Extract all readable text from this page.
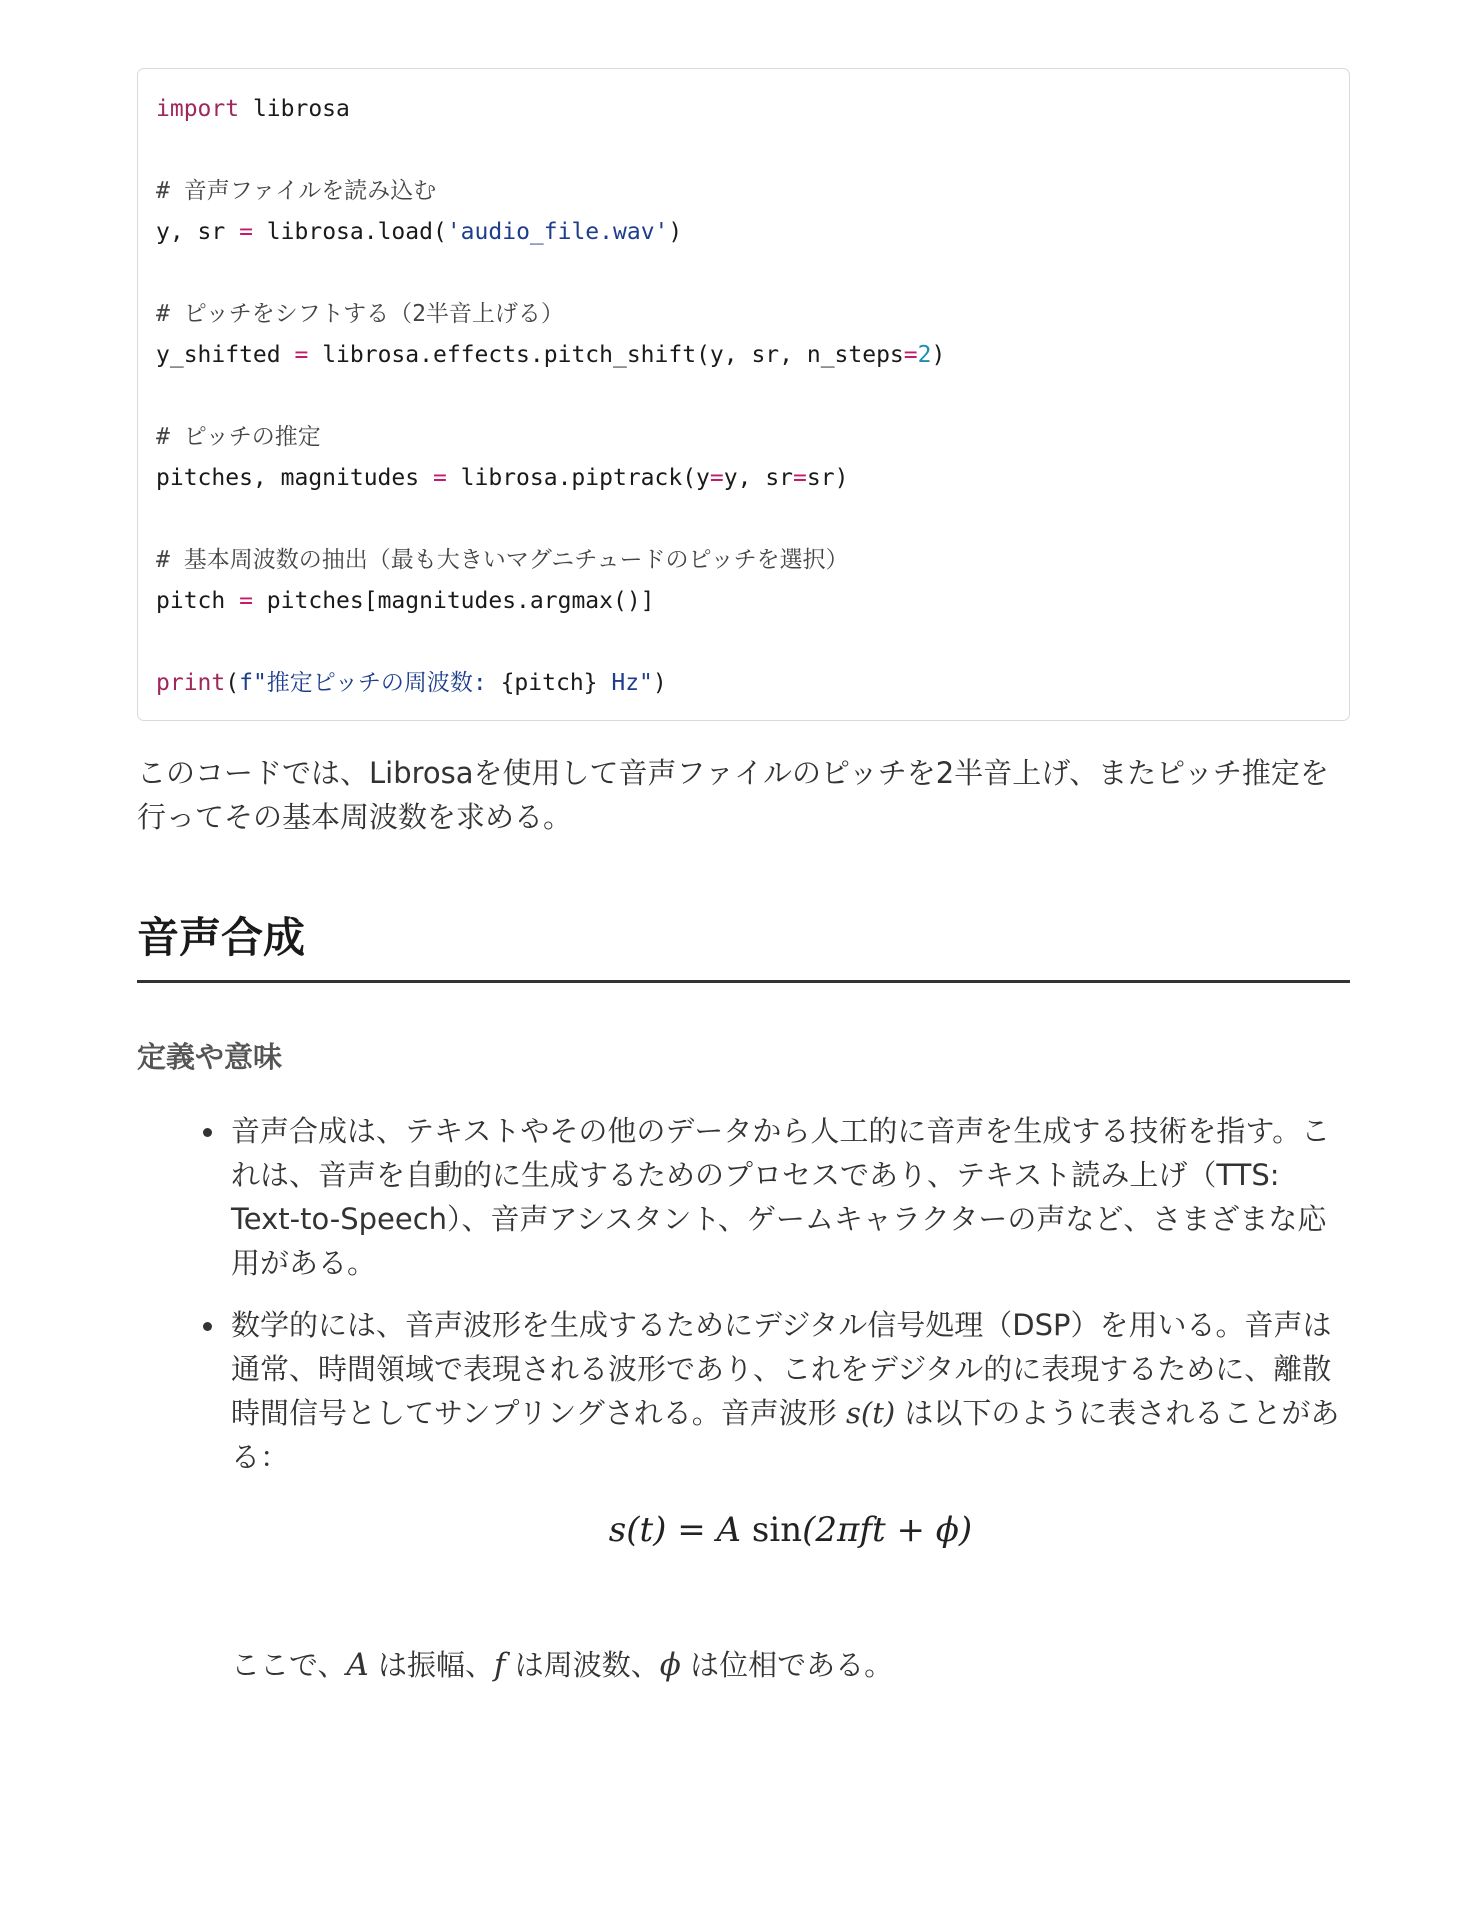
import librosa
# 音声ファイルを読み込む
y, sr = librosa.load('audio_file.wav')
# ピッチをシフトする（2半音上げる）
y_shifted = librosa.effects.pitch_shift(y, sr, n_steps=2)
# ピッチの推定
pitches, magnitudes = librosa.piptrack(y=y, sr=sr)
# 基本周波数の抽出（最も大きいマグニチュードのピッチを選択）
pitch = pitches[magnitudes.argmax()]
print(f"推定ピッチの周波数: {pitch} Hz")

このコードでは、Librosaを使用して音声ファイルのピッチを2半音上げ、またピッチ推定を行ってその基本周波数を求める。

音声合成
定義や意味
音声合成は、テキストやその他のデータから人工的に音声を生成する技術を指す。これは、音声を自動的に生成するためのプロセスであり、テキスト読み上げ（TTS: Text-to-Speech）、音声アシスタント、ゲームキャラクターの声など、さまざまな応用がある。
数学的には、音声波形を生成するためにデジタル信号処理（DSP）を用いる。音声は通常、時間領域で表現される波形であり、これをデジタル的に表現するために、離散時間信号としてサンプリングされる。音声波形 s(t) は以下のように表されることがある：
s(t) = A sin(2πft + ϕ)

ここで、A は振幅、f は周波数、ϕ は位相である。
